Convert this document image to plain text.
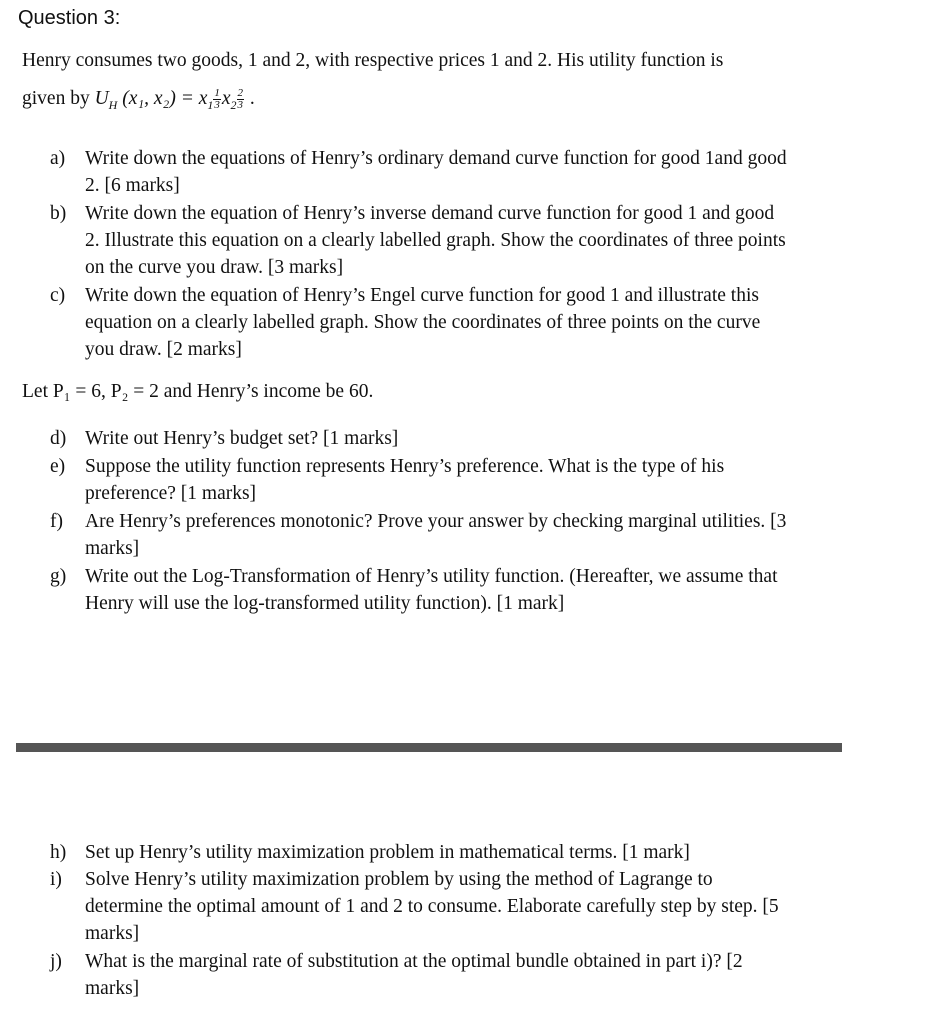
Question 3:
Henry consumes two goods, 1 and 2, with respective prices 1 and 2. His utility function is
given by $U_H$ (x₁, $x_2) = x_1 \frac{1}{3} x_2 \frac{2}{3}$ .
a)	Write down the equations of Henry’s ordinary demand curve function for good 1and good 2. [6 marks]
b) Write down the equation of Henry’s inverse demand curve function for good 1 and good 2. Illustrate this equation on a clearly labelled graph. Show the coordinates of three points on the curve you draw. [3 marks]
c)	Write down the equation of Henry’s Engel curve function for good 1 and illustrate this equation on a clearly labelled graph. Show the coordinates of three points on the curve you draw. [2 marks]
Let P₁ = 6, P₂ = 2 and Henry’s income be 60.
d) Write out Henry’s budget set? [1 marks]
e)	Suppose the utility function represents Henry’s preference. What is the type of his preference? [1 marks]
f)	Are Henry’s preferences monotonic? Prove your answer by checking marginal utilities. [3 marks]
g) Write out the Log-Transformation of Henry’s utility function. (Hereafter, we assume that Henry will use the log-transformed utility function). [1 mark]
h) Set up Henry’s utility maximization problem in mathematical terms. [1 mark]
i)	Solve Henry’s utility maximization problem by using the method of Lagrange to determine the optimal amount of 1 and 2 to consume. Elaborate carefully step by step. [5 marks]
j)	What is the marginal rate of substitution at the optimal bundle obtained in part i)? [2 marks]
